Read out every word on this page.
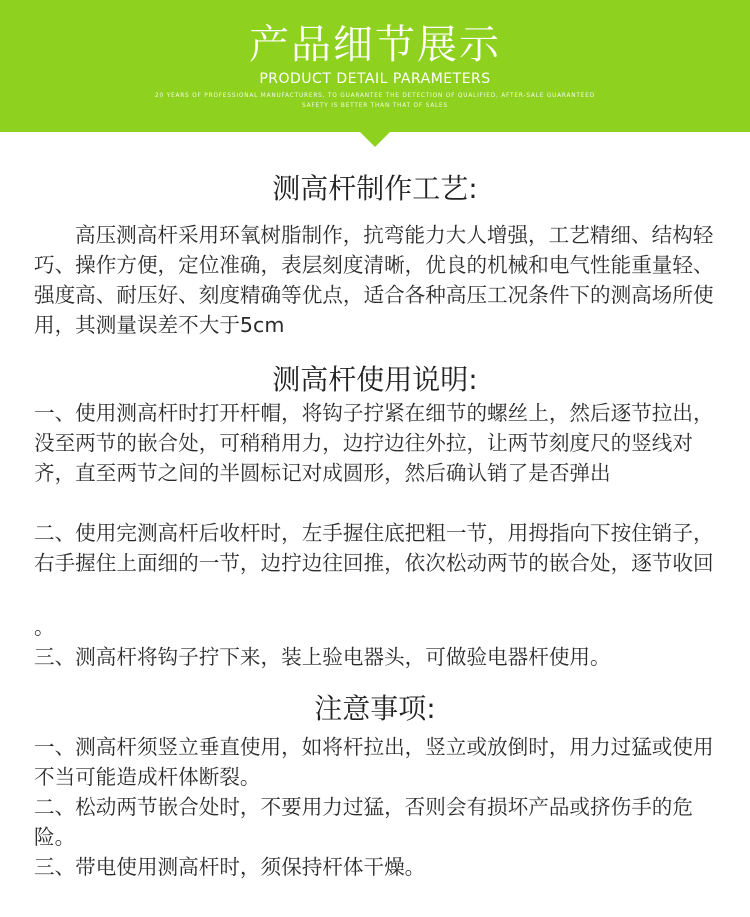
产品细节展示
PRODUCT DETAIL PARAMETERS
20 YEARS OF PROFESSIONAL MANUFACTURERS, TO GUARANTEE THE DETECTION OF QUALIFIED, AFTER-SALE GUARANTEED SAFETY IS BETTER THAN THAT OF SALES
测高杆制作工艺:

高压测高杆采用环氧树脂制作，抗弯能力大人增强，工艺精细、结构轻巧、操作方便，定位准确，表层刻度清晰，优良的机械和电气性能重量轻、强度高、耐压好、刻度精确等优点，适合各种高压工况条件下的测高场所使用，其测量误差不大于5cm

测高杆使用说明:

一、使用测高杆时打开杆帽，将钩子拧紧在细节的螺丝上，然后逐节拉出，没至两节的嵌合处，可稍稍用力，边拧边往外拉，让两节刻度尺的竖线对齐，直至两节之间的半圆标记对成圆形，然后确认销了是否弹出

二、使用完测高杆后收杆时，左手握住底把粗一节，用拇指向下按住销子，右手握住上面细的一节，边拧边往回推，依次松动两节的嵌合处，逐节收回

。

三、测高杆将钩子拧下来，装上验电器头，可做验电器杆使用。

注意事项:

一、测高杆须竖立垂直使用，如将杆拉出，竖立或放倒时，用力过猛或使用不当可能造成杆体断裂。

二、松动两节嵌合处时，不要用力过猛，否则会有损坏产品或挤伤手的危险。

三、带电使用测高杆时，须保持杆体干燥。
